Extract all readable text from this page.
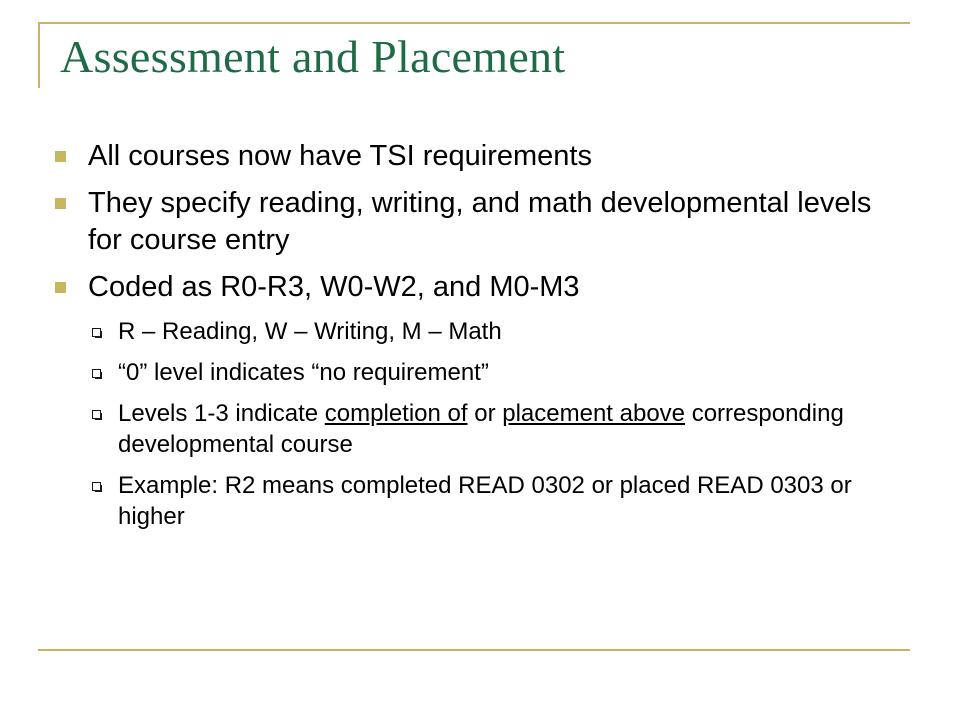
Assessment and Placement
All courses now have TSI requirements
They specify reading, writing, and math developmental levels for course entry
Coded as R0-R3, W0-W2, and M0-M3
R – Reading, W – Writing, M – Math
“0” level indicates “no requirement”
Levels 1-3 indicate completion of or placement above corresponding developmental course
Example: R2 means completed READ 0302 or placed READ 0303 or higher
